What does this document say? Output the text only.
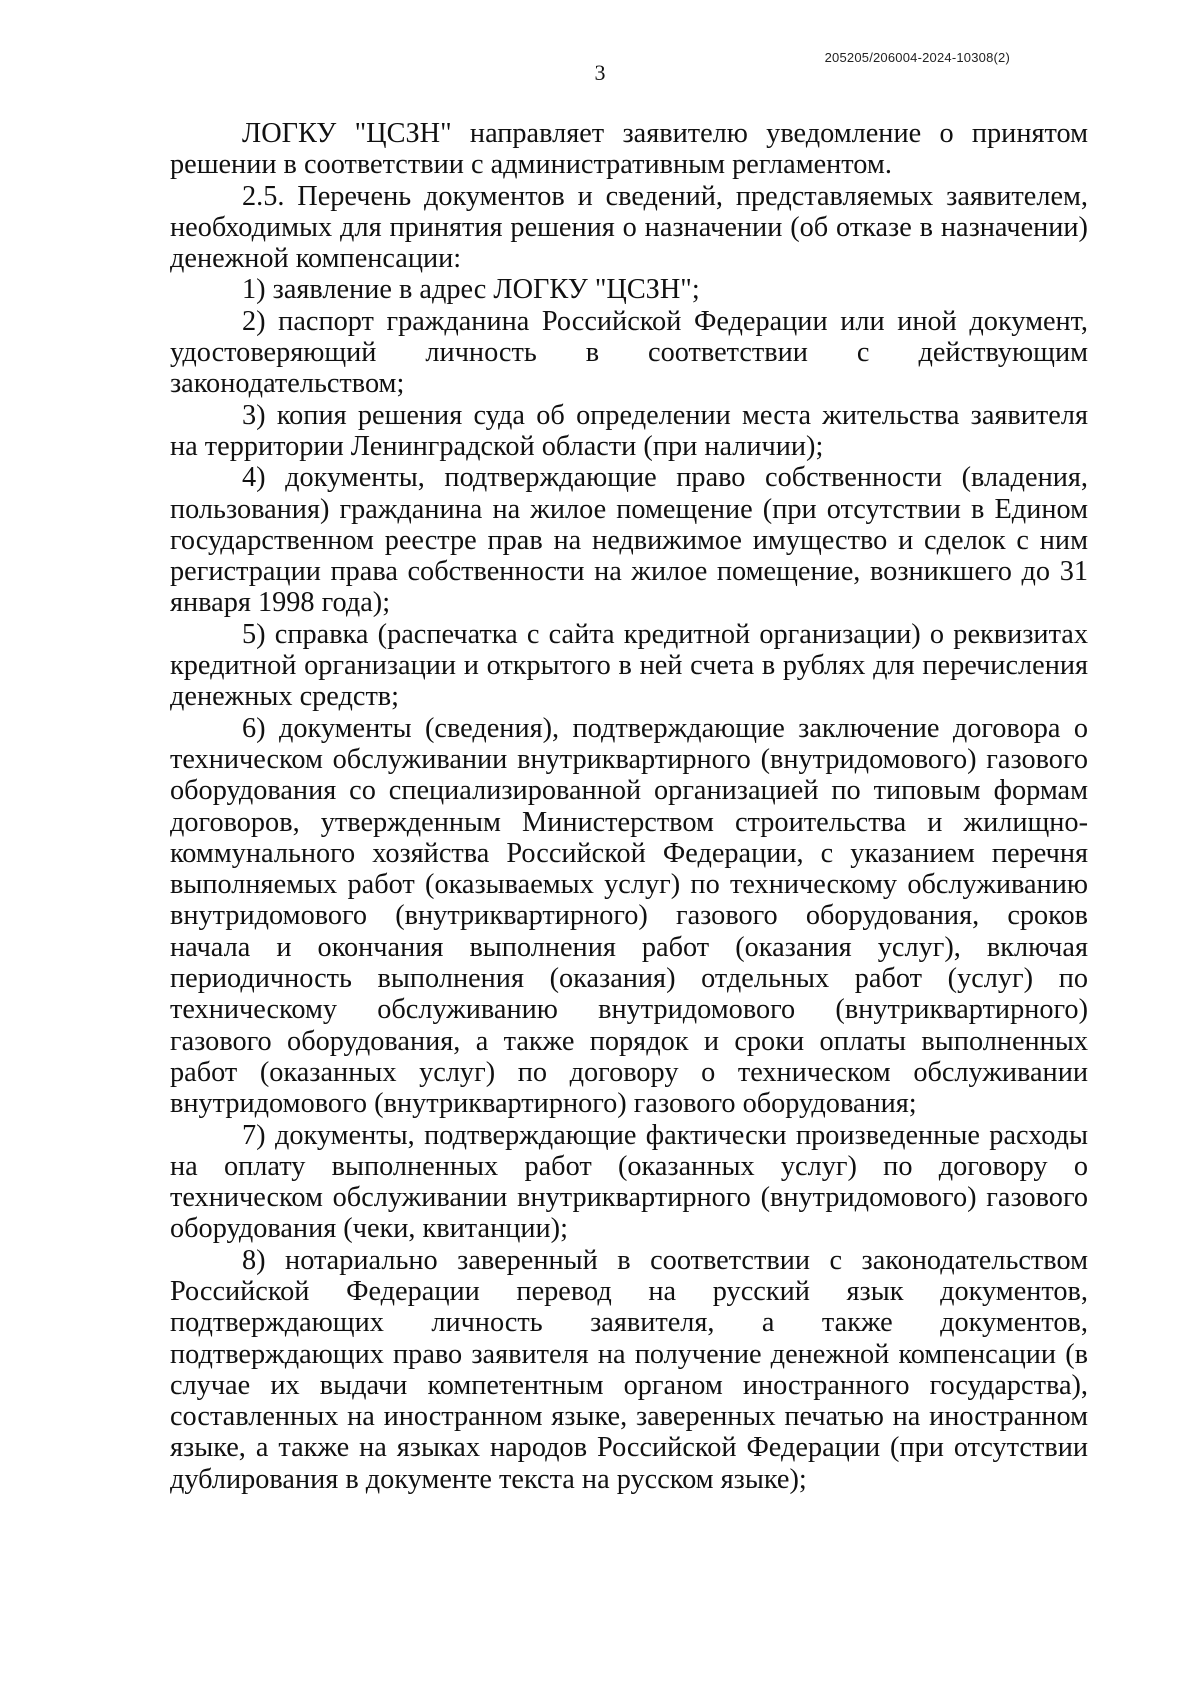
205205/206004-2024-10308(2)
3

ЛОГКУ "ЦСЗН" направляет заявителю уведомление о принятом решении в соответствии с административным регламентом.

2.5. Перечень документов и сведений, представляемых заявителем, необходимых для принятия решения о назначении (об отказе в назначении) денежной компенсации:

1) заявление в адрес ЛОГКУ "ЦСЗН";

2) паспорт гражданина Российской Федерации или иной документ, удостоверяющий личность в соответствии с действующим законодательством;

3) копия решения суда об определении места жительства заявителя на территории Ленинградской области (при наличии);

4) документы, подтверждающие право собственности (владения, пользования) гражданина на жилое помещение (при отсутствии в Едином государственном реестре прав на недвижимое имущество и сделок с ним регистрации права собственности на жилое помещение, возникшего до 31 января 1998 года);

5) справка (распечатка с сайта кредитной организации) о реквизитах кредитной организации и открытого в ней счета в рублях для перечисления денежных средств;

6) документы (сведения), подтверждающие заключение договора о техническом обслуживании внутриквартирного (внутридомового) газового оборудования со специализированной организацией по типовым формам договоров, утвержденным Министерством строительства и жилищно-коммунального хозяйства Российской Федерации, с указанием перечня выполняемых работ (оказываемых услуг) по техническому обслуживанию внутридомового (внутриквартирного) газового оборудования, сроков начала и окончания выполнения работ (оказания услуг), включая периодичность выполнения (оказания) отдельных работ (услуг) по техническому обслуживанию внутридомового (внутриквартирного) газового оборудования, а также порядок и сроки оплаты выполненных работ (оказанных услуг) по договору о техническом обслуживании внутридомового (внутриквартирного) газового оборудования;

7) документы, подтверждающие фактически произведенные расходы на оплату выполненных работ (оказанных услуг) по договору о техническом обслуживании внутриквартирного (внутридомового) газового оборудования (чеки, квитанции);

8) нотариально заверенный в соответствии с законодательством Российской Федерации перевод на русский язык документов, подтверждающих личность заявителя, а также документов, подтверждающих право заявителя на получение денежной компенсации (в случае их выдачи компетентным органом иностранного государства), составленных на иностранном языке, заверенных печатью на иностранном языке, а также на языках народов Российской Федерации (при отсутствии дублирования в документе текста на русском языке);
